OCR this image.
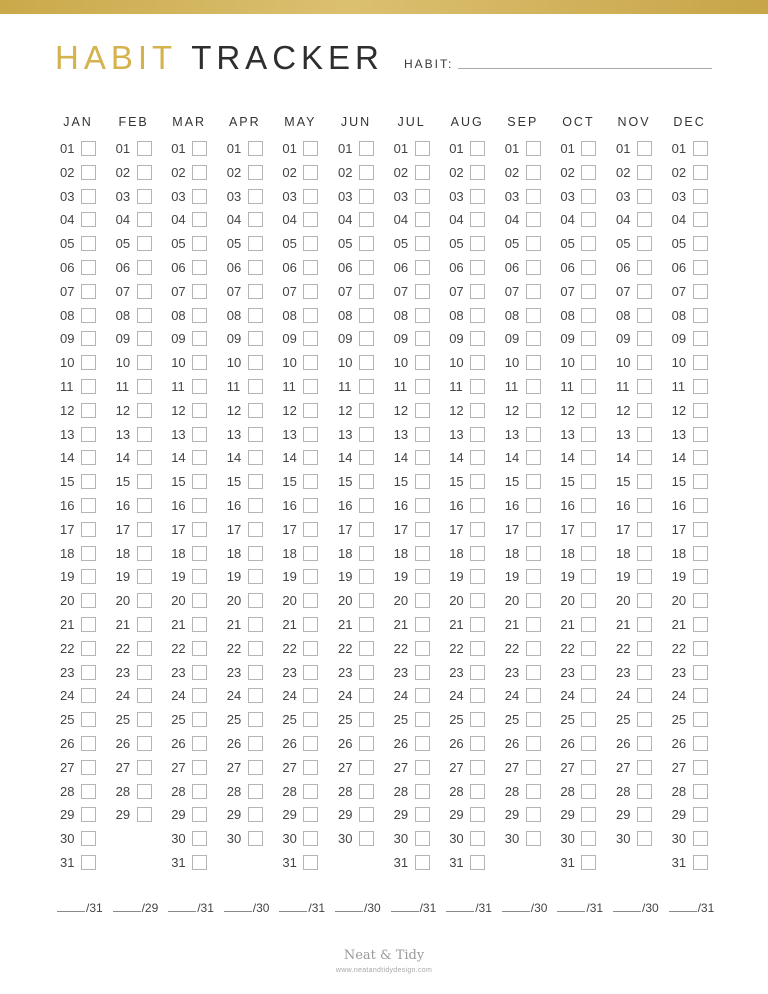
HABIT TRACKER HABIT:
JAN
01
02
03
04
05
06
07
08
09
10
11
12
13
14
15
16
17
18
19
20
21
22
23
24
25
26
27
28
29
30
31
/31
FEB
01
02
03
04
05
06
07
08
09
10
11
12
13
14
15
16
17
18
19
20
21
22
23
24
25
26
27
28
29
/29
MAR
01
02
03
04
05
06
07
08
09
10
11
12
13
14
15
16
17
18
19
20
21
22
23
24
25
26
27
28
29
30
31
/31
APR
01
02
03
04
05
06
07
08
09
10
11
12
13
14
15
16
17
18
19
20
21
22
23
24
25
26
27
28
29
30
/30
MAY
01
02
03
04
05
06
07
08
09
10
11
12
13
14
15
16
17
18
19
20
21
22
23
24
25
26
27
28
29
30
31
/31
JUN
01
02
03
04
05
06
07
08
09
10
11
12
13
14
15
16
17
18
19
20
21
22
23
24
25
26
27
28
29
30
/30
JUL
01
02
03
04
05
06
07
08
09
10
11
12
13
14
15
16
17
18
19
20
21
22
23
24
25
26
27
28
29
30
31
/31
AUG
01
02
03
04
05
06
07
08
09
10
11
12
13
14
15
16
17
18
19
20
21
22
23
24
25
26
27
28
29
30
31
/31
SEP
01
02
03
04
05
06
07
08
09
10
11
12
13
14
15
16
17
18
19
20
21
22
23
24
25
26
27
28
29
30
/30
OCT
01
02
03
04
05
06
07
08
09
10
11
12
13
14
15
16
17
18
19
20
21
22
23
24
25
26
27
28
29
30
31
/31
NOV
01
02
03
04
05
06
07
08
09
10
11
12
13
14
15
16
17
18
19
20
21
22
23
24
25
26
27
28
29
30
/30
DEC
01
02
03
04
05
06
07
08
09
10
11
12
13
14
15
16
17
18
19
20
21
22
23
24
25
26
27
28
29
30
31
/31
Neat & Tidy
www.neatandtidydesign.com
